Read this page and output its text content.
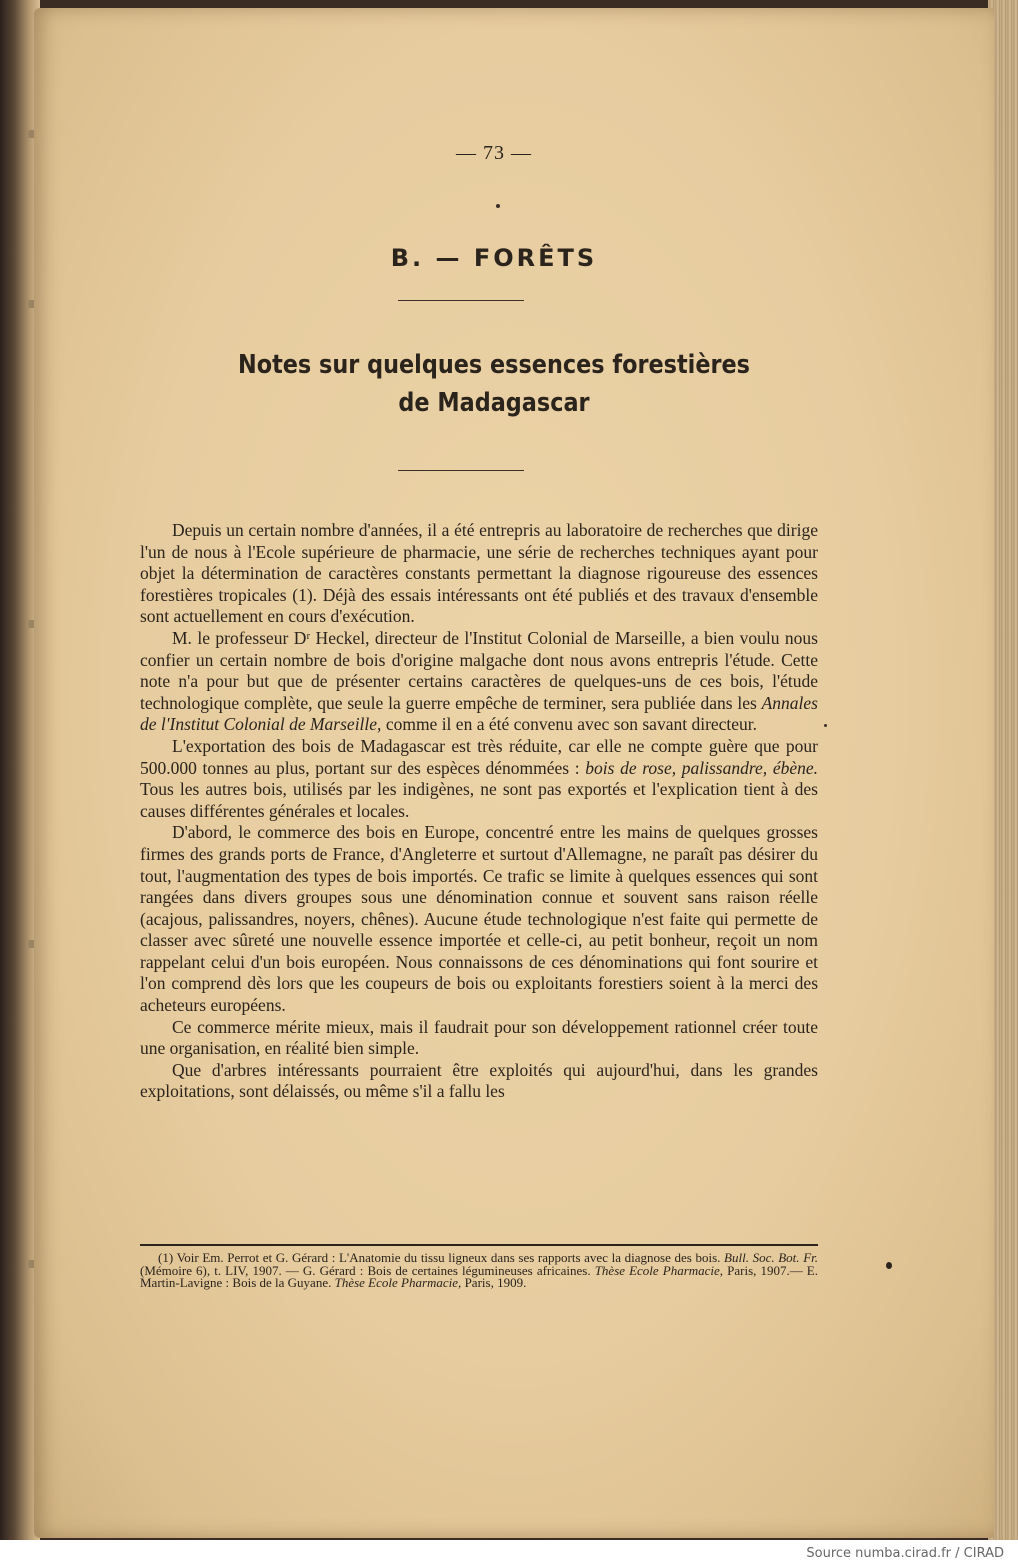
— 73 —
B. — FORÊTS
Notes sur quelques essences forestières
de Madagascar

Depuis un certain nombre d'années, il a été entrepris au laboratoire de recherches que dirige l'un de nous à l'Ecole supérieure de pharmacie, une série de recherches techniques ayant pour objet la détermination de caractères constants permettant la diagnose rigoureuse des essences forestières tropicales (1). Déjà des essais intéressants ont été publiés et des travaux d'ensemble sont actuellement en cours d'exécution.

M. le professeur Dʳ Heckel, directeur de l'Institut Colonial de Marseille, a bien voulu nous confier un certain nombre de bois d'origine malgache dont nous avons entrepris l'étude. Cette note n'a pour but que de présenter certains caractères de quelques-uns de ces bois, l'étude technologique complète, que seule la guerre empêche de terminer, sera publiée dans les Annales de l'Institut Colonial de Marseille, comme il en a été convenu avec son savant directeur.

L'exportation des bois de Madagascar est très réduite, car elle ne compte guère que pour 500.000 tonnes au plus, portant sur des espèces dénommées : bois de rose, palissandre, ébène. Tous les autres bois, utilisés par les indigènes, ne sont pas exportés et l'explication tient à des causes différentes générales et locales.

D'abord, le commerce des bois en Europe, concentré entre les mains de quelques grosses firmes des grands ports de France, d'Angleterre et surtout d'Allemagne, ne paraît pas désirer du tout, l'augmentation des types de bois importés. Ce trafic se limite à quelques essences qui sont rangées dans divers groupes sous une dénomination connue et souvent sans raison réelle (acajous, palissandres, noyers, chênes). Aucune étude technologique n'est faite qui permette de classer avec sûreté une nouvelle essence importée et celle-ci, au petit bonheur, reçoit un nom rappelant celui d'un bois européen. Nous connaissons de ces dénominations qui font sourire et l'on comprend dès lors que les coupeurs de bois ou exploitants forestiers soient à la merci des acheteurs européens.

Ce commerce mérite mieux, mais il faudrait pour son développement rationnel créer toute une organisation, en réalité bien simple.

Que d'arbres intéressants pourraient être exploités qui aujourd'hui, dans les grandes exploitations, sont délaissés, ou même s'il a fallu les

(1) Voir Em. Perrot et G. Gérard : L'Anatomie du tissu ligneux dans ses rapports avec la diagnose des bois. Bull. Soc. Bot. Fr. (Mémoire 6), t. LIV, 1907. — G. Gérard : Bois de certaines légumineuses africaines. Thèse Ecole Pharmacie, Paris, 1907.— E. Martin-Lavigne : Bois de la Guyane. Thèse Ecole Pharmacie, Paris, 1909.

Source numba.cirad.fr / CIRAD
